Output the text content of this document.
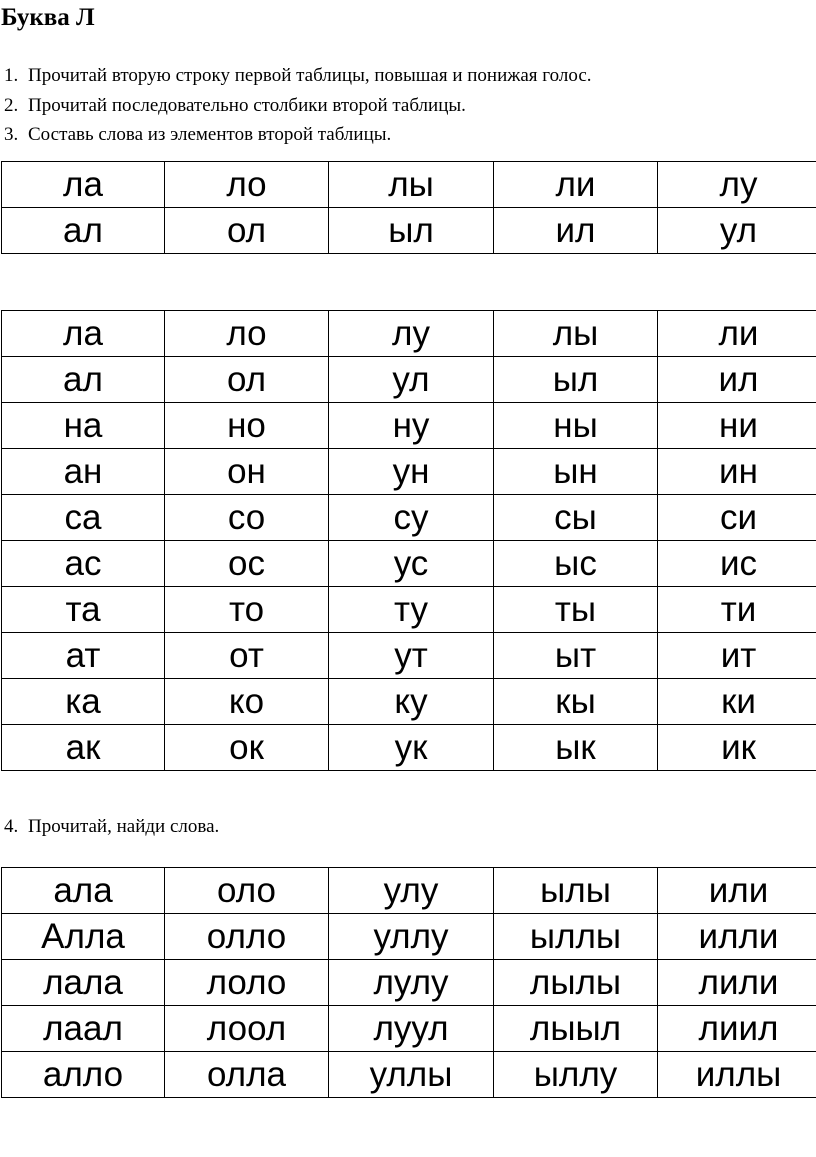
Буква Л
1. Прочитай вторую строку первой таблицы, повышая и понижая голос.
2. Прочитай последовательно столбики второй таблицы.
3. Составь слова из элементов второй таблицы.
ла	ло	лы	ли	лу
ал	ол	ыл	ил	ул
ла	ло	лу	лы	ли
ал	ол	ул	ыл	ил
на	но	ну	ны	ни
ан	он	ун	ын	ин
са	со	су	сы	си
ас	ос	ус	ыс	ис
та	то	ту	ты	ти
ат	от	ут	ыт	ит
ка	ко	ку	кы	ки
ак	ок	ук	ык	ик
4. Прочитай, найди слова.
ала	оло	улу	ылы	или
Алла	олло	уллу	ыллы	илли
лала	лоло	лулу	лылы	лили
лаал	лоол	луул	лыыл	лиил
алло	олла	уллы	ыллу	иллы
